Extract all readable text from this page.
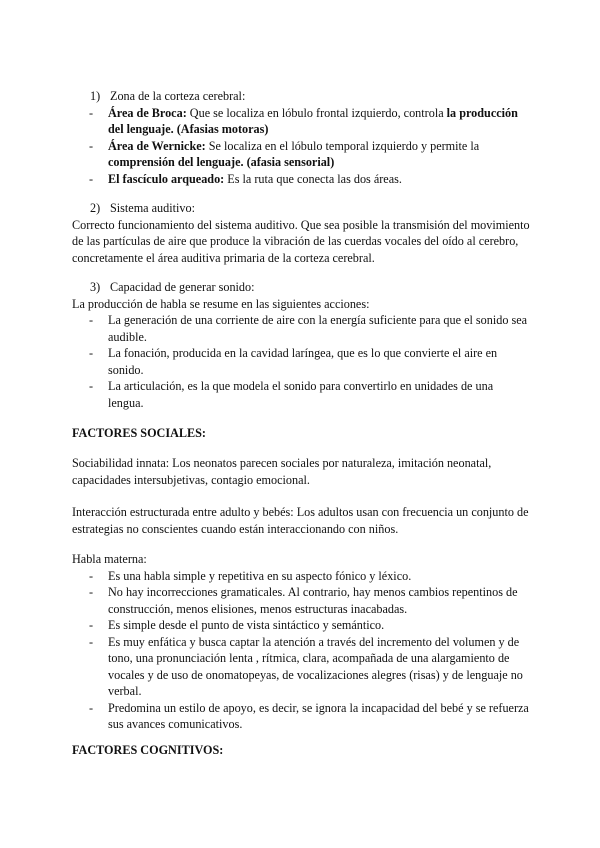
1) Zona de la corteza cerebral:
- Área de Broca: Que se localiza en lóbulo frontal izquierdo, controla la producción del lenguaje. (Afasias motoras)
- Área de Wernicke: Se localiza en el lóbulo temporal izquierdo y permite la comprensión del lenguaje. (afasia sensorial)
- El fascículo arqueado: Es la ruta que conecta las dos áreas.
2) Sistema auditivo:

Correcto funcionamiento del sistema auditivo. Que sea posible la transmisión del movimiento de las partículas de aire que produce la vibración de las cuerdas vocales del oído al cerebro, concretamente el área auditiva primaria de la corteza cerebral.

3) Capacidad de generar sonido:

La producción de habla se resume en las siguientes acciones:

- La generación de una corriente de aire con la energía suficiente para que el sonido sea audible.
- La fonación, producida en la cavidad laríngea, que es lo que convierte el aire en sonido.
- La articulación, es la que modela el sonido para convertirlo en unidades de una lengua.

FACTORES SOCIALES:

Sociabilidad innata: Los neonatos parecen sociales por naturaleza, imitación neonatal, capacidades intersubjetivas, contagio emocional.

Interacción estructurada entre adulto y bebés: Los adultos usan con frecuencia un conjunto de estrategias no conscientes cuando están interaccionando con niños.

Habla materna:

- Es una habla simple y repetitiva en su aspecto fónico y léxico.
- No hay incorrecciones gramaticales. Al contrario, hay menos cambios repentinos de construcción, menos elisiones, menos estructuras inacabadas.
- Es simple desde el punto de vista sintáctico y semántico.
- Es muy enfática y busca captar la atención a través del incremento del volumen y de tono, una pronunciación lenta , rítmica, clara, acompañada de una alargamiento de vocales y de uso de onomatopeyas, de vocalizaciones alegres (risas) y de lenguaje no verbal.
- Predomina un estilo de apoyo, es decir, se ignora la incapacidad del bebé y se refuerza sus avances comunicativos.

FACTORES COGNITIVOS:
